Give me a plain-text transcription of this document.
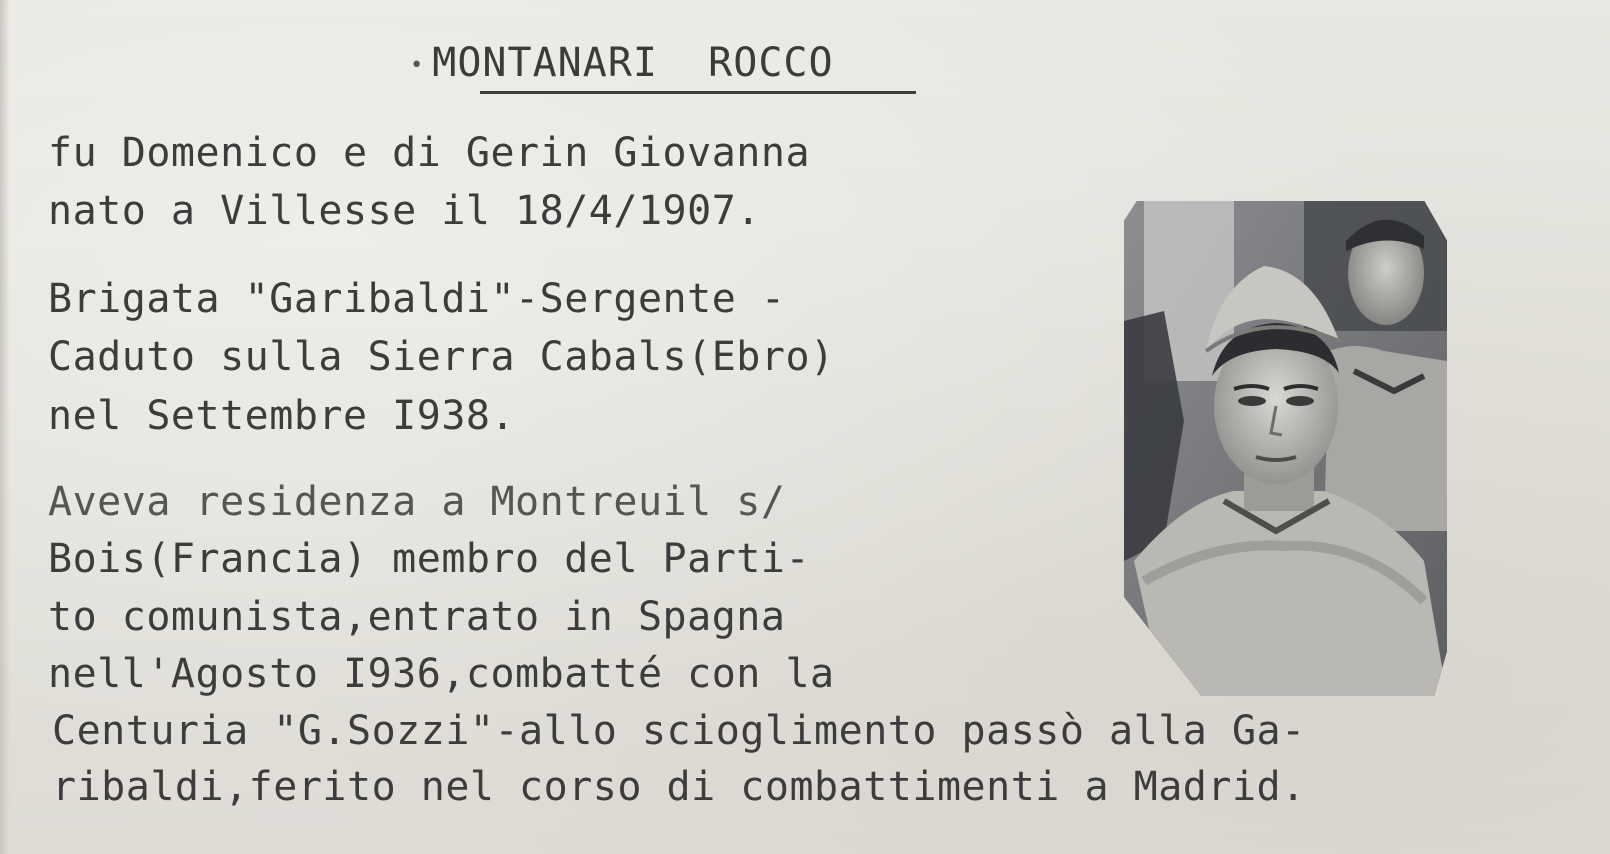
• MONTANARI  ROCCO
fu Domenico e di Gerin Giovanna
nato a Villesse il 18/4/1907.
Brigata "Garibaldi"-Sergente -
Caduto sulla Sierra Cabals(Ebro)
nel Settembre I938.
Aveva residenza a Montreuil s/
Bois(Francia) membro del Parti-
to comunista,entrato in Spagna
nell'Agosto I936,combatté con la
Centuria "G.Sozzi"-allo scioglimento passò alla Ga-
ribaldi,ferito nel corso di combattimenti a Madrid.
